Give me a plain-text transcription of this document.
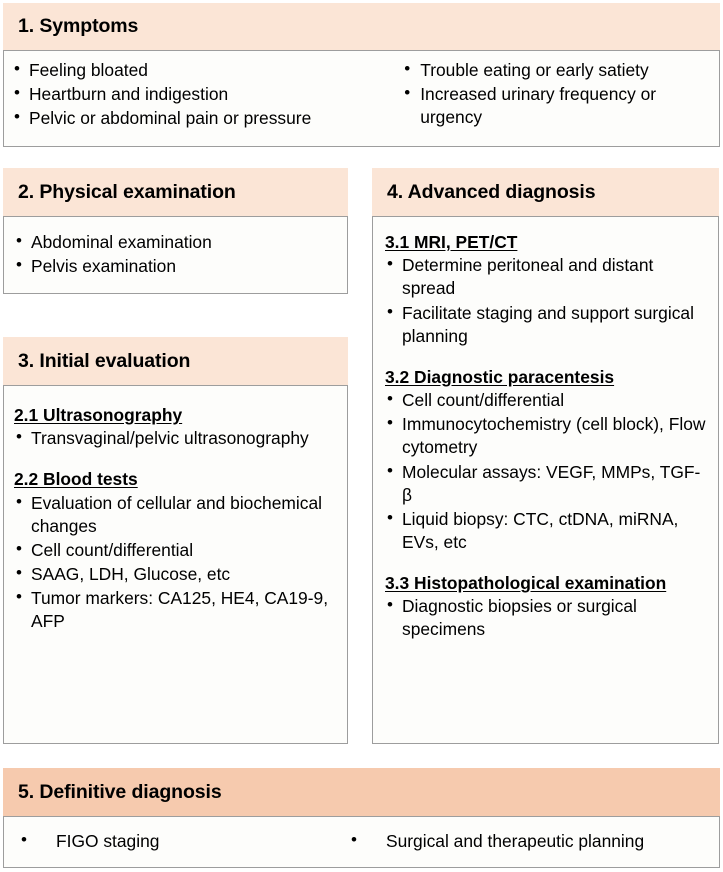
1. Symptoms
• Feeling bloated
• Heartburn and indigestion
• Pelvic or abdominal pain or pressure
• Trouble eating or early satiety
• Increased urinary frequency or urgency
2. Physical examination
• Abdominal examination
• Pelvis examination
3. Initial evaluation
2.1 Ultrasonography
• Transvaginal/pelvic ultrasonography
2.2 Blood tests
• Evaluation of cellular and biochemical changes
• Cell count/differential
• SAAG, LDH, Glucose, etc
• Tumor markers: CA125, HE4, CA19-9, AFP
4. Advanced diagnosis
3.1 MRI, PET/CT
• Determine peritoneal and distant spread
• Facilitate staging and support surgical planning
3.2 Diagnostic paracentesis
• Cell count/differential
• Immunocytochemistry (cell block), Flow cytometry
• Molecular assays: VEGF, MMPs, TGF-β
• Liquid biopsy: CTC, ctDNA, miRNA, EVs, etc
3.3 Histopathological examination
• Diagnostic biopsies or surgical specimens
5. Definitive diagnosis
• FIGO staging	• Surgical and therapeutic planning
